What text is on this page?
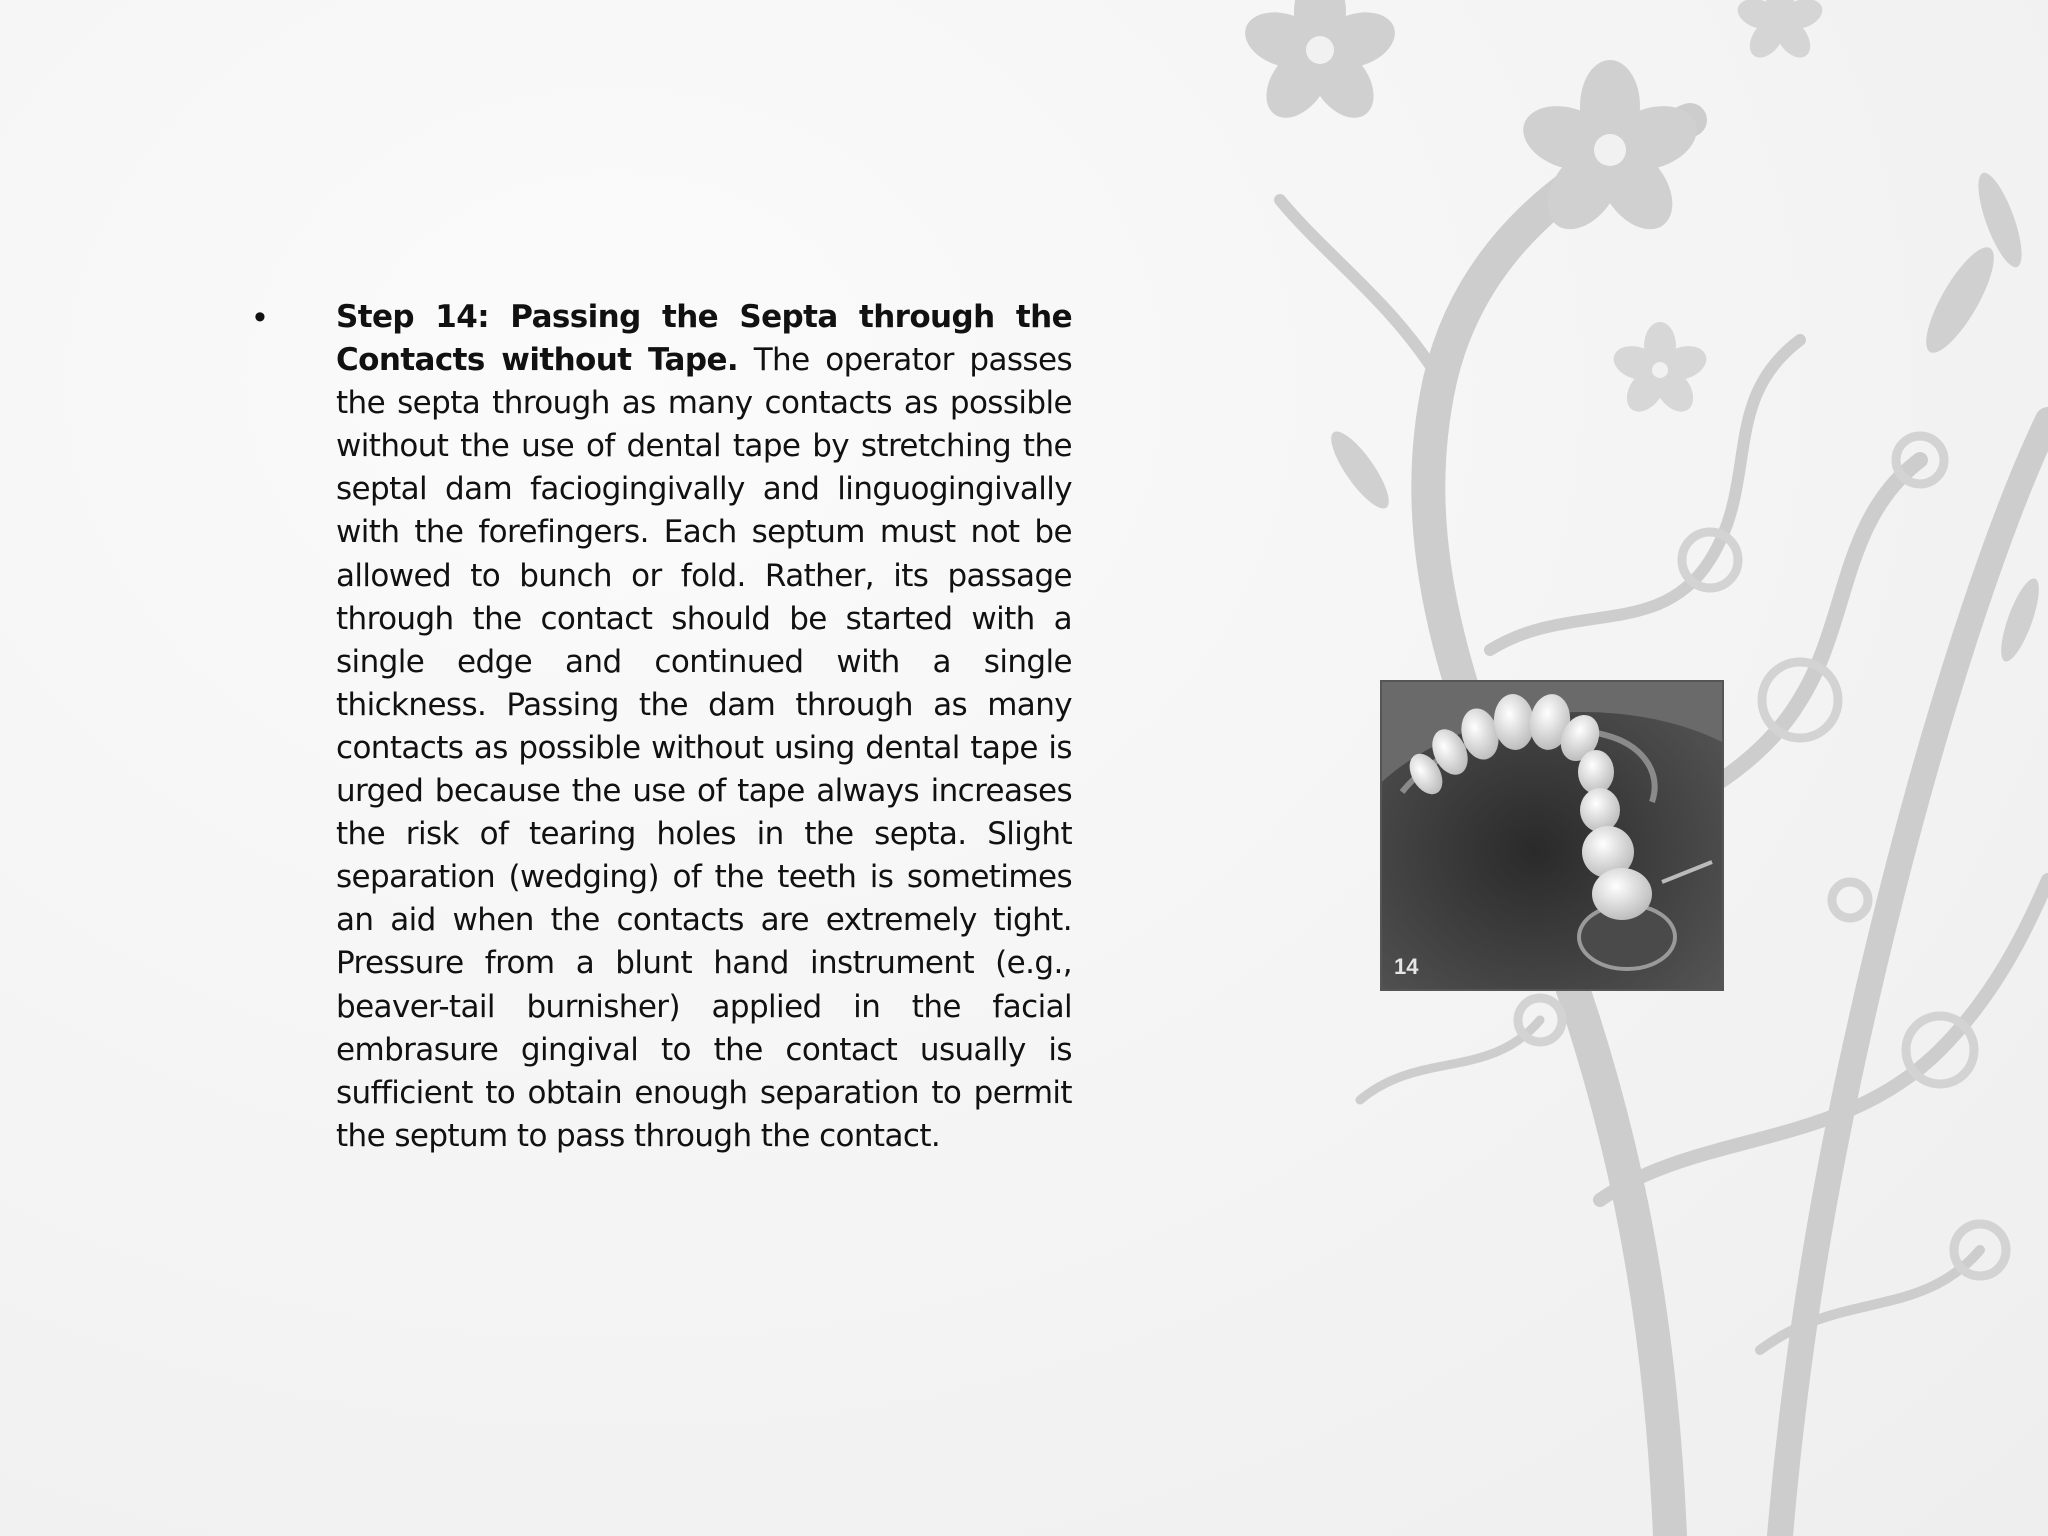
• Step 14: Passing the Septa through the Contacts without Tape. The operator passes the septa through as many contacts as possible without the use of dental tape by stretching the septal dam faciogingivally and linguogingivally with the forefingers. Each septum must not be allowed to bunch or fold. Rather, its passage through the contact should be started with a single edge and continued with a single thickness. Passing the dam through as many contacts as possible without using dental tape is urged because the use of tape always increases the risk of tearing holes in the septa. Slight separation (wedging) of the teeth is sometimes an aid when the contacts are extremely tight. Pressure from a blunt hand instrument (e.g., beaver-tail burnisher) applied in the facial embrasure gingival to the contact usually is sufficient to obtain enough separation to permit the septum to pass through the contact.
14
